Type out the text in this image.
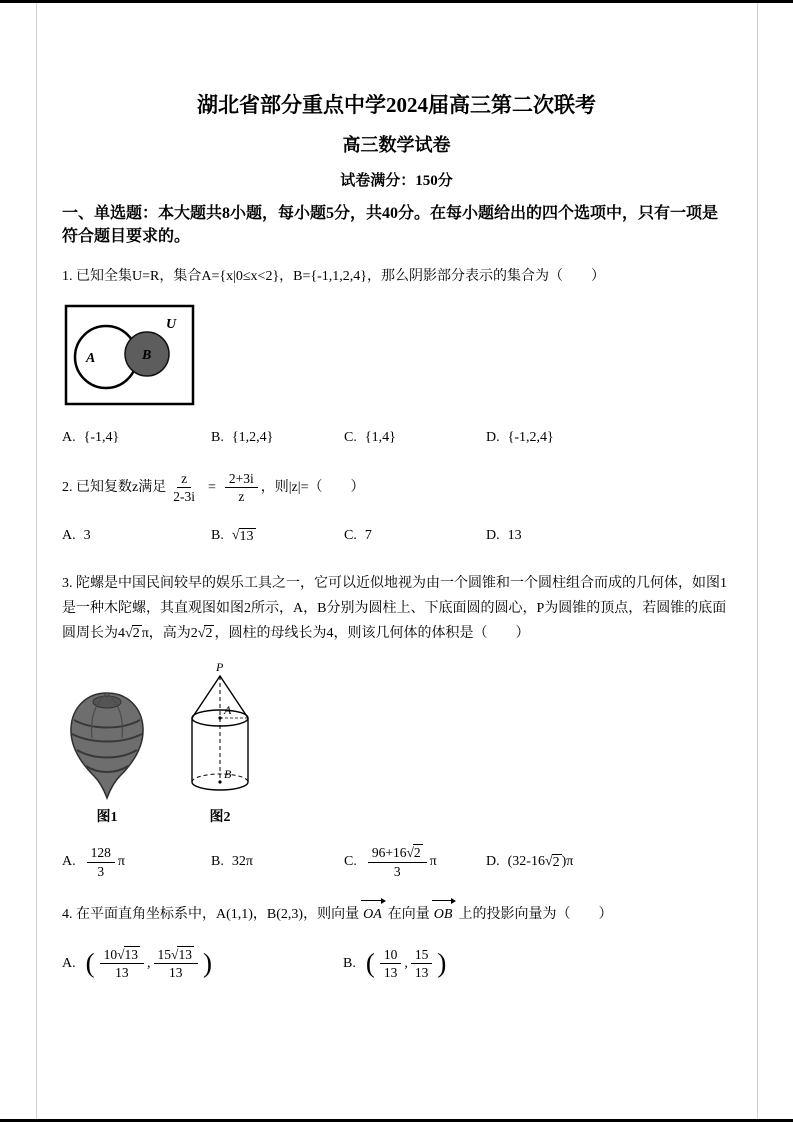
湖北省部分重点中学2024届高三第二次联考
高三数学试卷
试卷满分：150分
一、单选题：本大题共8小题，每小题5分，共40分。在每小题给出的四个选项中，只有一项是符合题目要求的。
1. 已知全集U=R，集合A={x|0≤x<2}，B={-1,1,2,4}，那么阴影部分表示的集合为（　　）
U
A	B
A. {-1,4}	B. {1,2,4}	C. {1,4}	D. {-1,2,4}
2. 已知复数z满足 $\frac{z}{2-3i} = \frac{2+3i}{z}$ ，则|z|=（　　）
A. 3	B. √ 13	C. 7	D. 13
3. 陀螺是中国民间较早的娱乐工具之一，它可以近似地视为由一个圆锥和一个圆柱组合而成的几何体，如图1是一种木陀螺，其直观图如图2所示，A，B分别为圆柱上、下底面圆的圆心，P为圆锥的顶点，若圆锥的底面圆周长为4√2 π，高为2√2 ，圆柱的母线长为4，则该几何体的体积是（　　）
图1
P
A
B
图2
A. $\frac{128}{3}$ π	B. 32π	C. $\frac{96+16√2}{3}$ π	D. (32-16 √ 2 )π
4. 在平面直角坐标系中，A(1,1)，B(2,3)，则向量 OA 在向量 OB 上的投影向量为（　　）
A. ( $\frac{10√13}{13}$ , $\frac{15√13}{13}$ )	B. ( $\frac{10}{13}$ , $\frac{15}{13}$ )
